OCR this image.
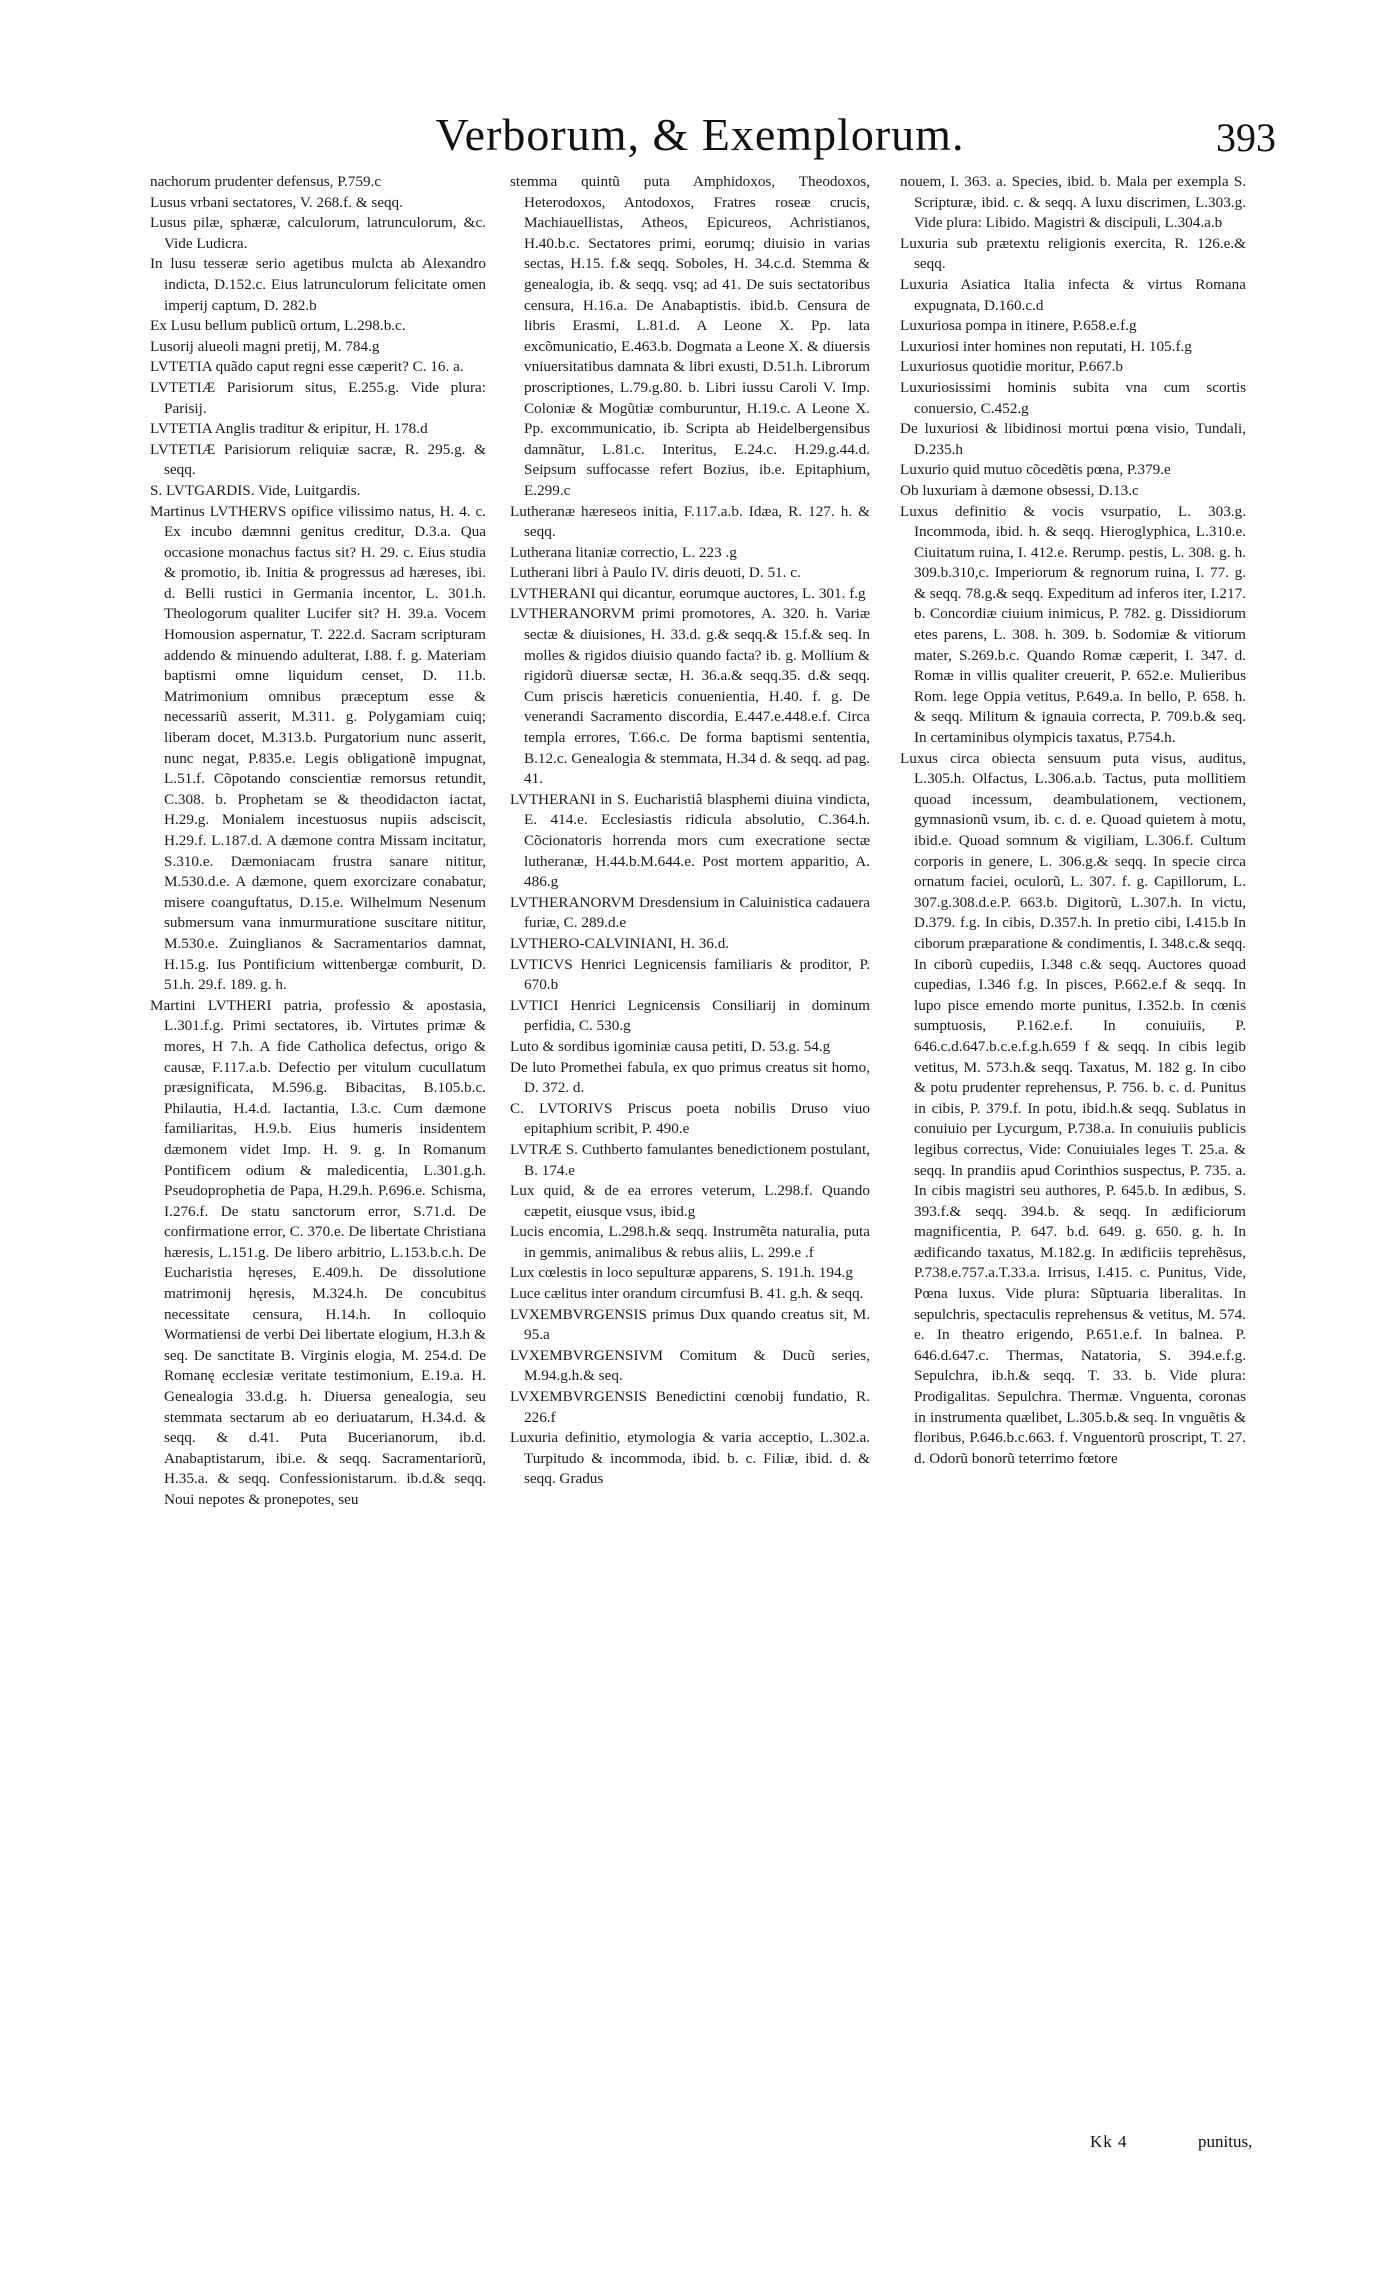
Verborum, & Exemplorum.	393

nachorum prudenter defensus, P.759.c

Lusus vrbani sectatores, V. 268.f. & seqq.

Lusus pilæ, sphæræ, calculorum, latrunculorum, &c. Vide Ludicra.

In lusu tesseræ serio agetibus mulcta ab Alexandro indicta, D.152.c. Eius latrunculorum felicitate omen imperij captum, D. 282.b

Ex Lusu bellum publicũ ortum, L.298.b.c.

Lusorij alueoli magni pretij, M. 784.g

LVTETIA quãdo caput regni esse cæperit? C. 16. a.

LVTETIÆ Parisiorum situs, E.255.g. Vide plura: Parisij.

LVTETIA Anglis traditur & eripitur, H. 178.d

LVTETIÆ Parisiorum reliquiæ sacræ, R. 295.g. & seqq.

S. LVTGARDIS. Vide, Luitgardis.

Martinus LVTHERVS opifice vilissimo natus, H. 4. c. Ex incubo dæmnni genitus creditur, D.3.a. Qua occasione monachus factus sit? H. 29. c. Eius studia & promotio, ib. Initia & progressus ad hæreses, ibi. d. Belli rustici in Germania incentor, L. 301.h. Theologorum qualiter Lucifer sit? H. 39.a. Vocem Homousion aspernatur, T. 222.d. Sacram scripturam addendo & minuendo adulterat, I.88. f. g. Materiam baptismi omne liquidum censet, D. 11.b. Matrimonium omnibus præceptum esse & necessariũ asserit, M.311. g. Polygamiam cuiq; liberam docet, M.313.b. Purgatorium nunc asserit, nunc negat, P.835.e. Legis obligationẽ impugnat, L.51.f. Cõpotando conscientiæ remorsus retundit, C.308. b. Prophetam se & theodidacton iactat, H.29.g. Monialem incestuosus nupiis adsciscit, H.29.f. L.187.d. A dæmone contra Missam incitatur, S.310.e. Dæmoniacam frustra sanare nititur, M.530.d.e. A dæmone, quem exorcizare conabatur, misere coanguftatus, D.15.e. Wilhelmum Nesenum submersum vana inmurmuratione suscitare nititur, M.530.e. Zuinglianos & Sacramentarios damnat, H.15.g. Ius Pontificium wittenbergæ comburit, D. 51.h. 29.f. 189. g. h.

Martini LVTHERI patria, professio & apostasia, L.301.f.g. Primi sectatores, ib. Virtutes primæ & mores, H 7.h. A fide Catholica defectus, origo & causæ, F.117.a.b. Defectio per vitulum cucullatum præsignificata, M.596.g. Bibacitas, B.105.b.c. Philautia, H.4.d. Iactantia, I.3.c. Cum dæmone familiaritas, H.9.b. Eius humeris insidentem dæmonem videt Imp. H. 9. g. In Romanum Pontificem odium & maledicentia, L.301.g.h. Pseudoprophetia de Papa, H.29.h. P.696.e. Schisma, I.276.f. De statu sanctorum error, S.71.d. De confirmatione error, C. 370.e. De libertate Christiana hæresis, L.151.g. De libero arbitrio, L.153.b.c.h. De Eucharistia hęreses, E.409.h. De dissolutione matrimonij hęresis, M.324.h. De concubitus necessitate censura, H.14.h. In colloquio Wormatiensi de verbi Dei libertate elogium, H.3.h & seq. De sanctitate B. Virginis elogia, M. 254.d. De Romanę ecclesiæ veritate testimonium, E.19.a. H. Genealogia 33.d.g. h. Diuersa genealogia, seu stemmata sectarum ab eo deriuatarum, H.34.d. & seqq. & d.41. Puta Bucerianorum, ib.d. Anabaptistarum, ibi.e. & seqq. Sacramentariorũ, H.35.a. & seqq. Confessionistarum. ib.d.& seqq. Noui nepotes & pronepotes, seu

stemma quintũ puta Amphidoxos, Theodoxos, Heterodoxos, Antodoxos, Fratres roseæ crucis, Machiauellistas, Atheos, Epicureos, Achristianos, H.40.b.c. Sectatores primi, eorumq; diuisio in varias sectas, H.15. f.& seqq. Soboles, H. 34.c.d. Stemma & genealogia, ib. & seqq. vsq; ad 41. De suis sectatoribus censura, H.16.a. De Anabaptistis. ibid.b. Censura de libris Erasmi, L.81.d. A Leone X. Pp. lata excõmunicatio, E.463.b. Dogmata a Leone X. & diuersis vniuersitatibus damnata & libri exusti, D.51.h. Librorum proscriptiones, L.79.g.80. b. Libri iussu Caroli V. Imp. Coloniæ & Mogũtiæ comburuntur, H.19.c. A Leone X. Pp. excommunicatio, ib. Scripta ab Heidelbergensibus damnãtur, L.81.c. Interitus, E.24.c. H.29.g.44.d. Seipsum suffocasse refert Bozius, ib.e. Epitaphium, E.299.c

Lutheranæ hæreseos initia, F.117.a.b. Idæa, R. 127. h. & seqq.

Lutherana litaniæ correctio, L. 223 .g

Lutherani libri à Paulo IV. diris deuoti, D. 51. c.

LVTHERANI qui dicantur, eorumque auctores, L. 301. f.g

LVTHERANORVM primi promotores, A. 320. h. Variæ sectæ & diuisiones, H. 33.d. g.& seqq.& 15.f.& seq. In molles & rigidos diuisio quando facta? ib. g. Mollium & rigidorũ diuersæ sectæ, H. 36.a.& seqq.35. d.& seqq. Cum priscis hæreticis conuenientia, H.40. f. g. De venerandi Sacramento discordia, E.447.e.448.e.f. Circa templa errores, T.66.c. De forma baptismi sententia, B.12.c. Genealogia & stemmata, H.34 d. & seqq. ad pag. 41.

LVTHERANI in S. Eucharistiâ blasphemi diuina vindicta, E. 414.e. Ecclesiastis ridicula absolutio, C.364.h. Cõcionatoris horrenda mors cum execratione sectæ lutheranæ, H.44.b.M.644.e. Post mortem apparitio, A. 486.g

LVTHERANORVM Dresdensium in Caluinistica cadauera furiæ, C. 289.d.e

LVTHERO-CALVINIANI, H. 36.d.

LVTICVS Henrici Legnicensis familiaris & proditor, P. 670.b

LVTICI Henrici Legnicensis Consiliarij in dominum perfidia, C. 530.g

Luto & sordibus igominiæ causa petiti, D. 53.g. 54.g

De luto Promethei fabula, ex quo primus creatus sit homo, D. 372. d.

C. LVTORIVS Priscus poeta nobilis Druso viuo epitaphium scribit, P. 490.e

LVTRÆ S. Cuthberto famulantes benedictionem postulant, B. 174.e

Lux quid, & de ea errores veterum, L.298.f. Quando cæpetit, eiusque vsus, ibid.g

Lucis encomia, L.298.h.& seqq. Instrumẽta naturalia, puta in gemmis, animalibus & rebus aliis, L. 299.e .f

Lux cœlestis in loco sepulturæ apparens, S. 191.h. 194.g

Luce cælitus inter orandum circumfusi B. 41. g.h. & seqq.

LVXEMBVRGENSIS primus Dux quando creatus sit, M. 95.a

LVXEMBVRGENSIVM Comitum & Ducũ series, M.94.g.h.& seq.

LVXEMBVRGENSIS Benedictini cœnobij fundatio, R. 226.f

Luxuria definitio, etymologia & varia acceptio, L.302.a. Turpitudo & incommoda, ibid. b. c. Filiæ, ibid. d. & seqq. Gradus

nouem, I. 363. a. Species, ibid. b. Mala per exempla S. Scripturæ, ibid. c. & seqq. A luxu discrimen, L.303.g. Vide plura: Libido. Magistri & discipuli, L.304.a.b

Luxuria sub prætextu religionis exercita, R. 126.e.& seqq.

Luxuria Asiatica Italia infecta & virtus Romana expugnata, D.160.c.d

Luxuriosa pompa in itinere, P.658.e.f.g

Luxuriosi inter homines non reputati, H. 105.f.g

Luxuriosus quotidie moritur, P.667.b

Luxuriosissimi hominis subita vna cum scortis conuersio, C.452.g

De luxuriosi & libidinosi mortui pœna visio, Tundali, D.235.h

Luxurio quid mutuo cõcedẽtis pœna, P.379.e

Ob luxuriam à dæmone obsessi, D.13.c

Luxus definitio & vocis vsurpatio, L. 303.g. Incommoda, ibid. h. & seqq. Hieroglyphica, L.310.e. Ciuitatum ruina, I. 412.e. Rerump. pestis, L. 308. g. h. 309.b.310,c. Imperiorum & regnorum ruina, I. 77. g. & seqq. 78.g.& seqq. Expeditum ad inferos iter, I.217. b. Concordiæ ciuium inimicus, P. 782. g. Dissidiorum etes parens, L. 308. h. 309. b. Sodomiæ & vitiorum mater, S.269.b.c. Quando Romæ cæperit, I. 347. d. Romæ in villis qualiter creuerit, P. 652.e. Mulieribus Rom. lege Oppia vetitus, P.649.a. In bello, P. 658. h. & seqq. Militum & ignauia correcta, P. 709.b.& seq. In certaminibus olympicis taxatus, P.754.h.

Luxus circa obiecta sensuum puta visus, auditus, L.305.h. Olfactus, L.306.a.b. Tactus, puta mollitiem quoad incessum, deambulationem, vectionem, gymnasionũ vsum, ib. c. d. e. Quoad quietem à motu, ibid.e. Quoad somnum & vigiliam, L.306.f. Cultum corporis in genere, L. 306.g.& seqq. In specie circa ornatum faciei, oculorũ, L. 307. f. g. Capillorum, L. 307.g.308.d.e.P. 663.b. Digitorũ, L.307.h. In victu, D.379. f.g. In cibis, D.357.h. In pretio cibi, I.415.b In ciborum præparatione & condimentis, I. 348.c.& seqq. In ciborũ cupediis, I.348 c.& seqq. Auctores quoad cupedias, I.346 f.g. In pisces, P.662.e.f & seqq. In lupo pisce emendo morte punitus, I.352.b. In cœnis sumptuosis, P.162.e.f. In conuiuiis, P. 646.c.d.647.b.c.e.f.g.h.659 f & seqq. In cibis legib vetitus, M. 573.h.& seqq. Taxatus, M. 182 g. In cibo & potu prudenter reprehensus, P. 756. b. c. d. Punitus in cibis, P. 379.f. In potu, ibid.h.& seqq. Sublatus in conuiuio per Lycurgum, P.738.a. In conuiuiis publicis legibus correctus, Vide: Conuiuiales leges T. 25.a. & seqq. In prandiis apud Corinthios suspectus, P. 735. a. In cibis magistri seu authores, P. 645.b. In ædibus, S. 393.f.& seqq. 394.b. & seqq. In ædificiorum magnificentia, P. 647. b.d. 649. g. 650. g. h. In ædificando taxatus, M.182.g. In ædificiis teprehẽsus, P.738.e.757.a.T.33.a. Irrisus, I.415. c. Punitus, Vide, Pœna luxus. Vide plura: Sũptuaria liberalitas. In sepulchris, spectaculis reprehensus & vetitus, M. 574. e. In theatro erigendo, P.651.e.f. In balnea. P. 646.d.647.c. Thermas, Natatoria, S. 394.e.f.g. Sepulchra, ib.h.& seqq. T. 33. b. Vide plura: Prodigalitas. Sepulchra. Thermæ. Vnguenta, coronas in instrumenta quælibet, L.305.b.& seq. In vnguẽtis & floribus, P.646.b.c.663. f. Vnguentorũ proscript, T. 27. d. Odorũ bonorũ teterrimo fœtore

Kk 4	punitus,
